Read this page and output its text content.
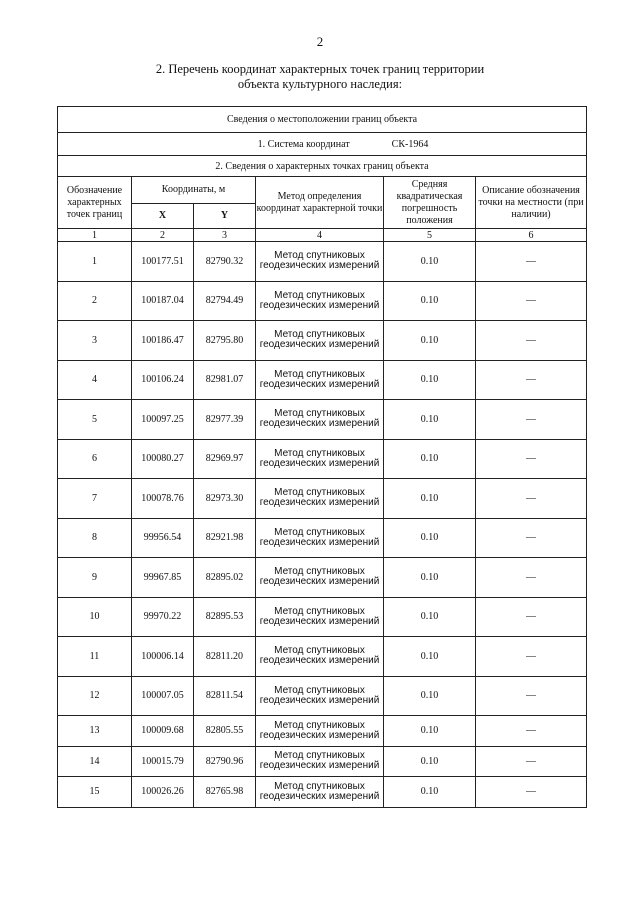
2
2. Перечень координат характерных точек границ территории
объекта культурного наследия:
Сведения о местоположении границ объекта					
1. Система координат СК-1964					
2. Сведения о характерных точках границ объекта					
Обозначение характерных точек границ	Координаты, м		Метод определения координат характерной точки	Средняя квадратическая погрешность положения	Описание обозначения точки на местности (при наличии)
	X	Y			
1	2	3	4	5	6
1	100177.51	82790.32	Метод спутниковых геодезических измерений	0.10	—
2	100187.04	82794.49	Метод спутниковых геодезических измерений	0.10	—
3	100186.47	82795.80	Метод спутниковых геодезических измерений	0.10	—
4	100106.24	82981.07	Метод спутниковых геодезических измерений	0.10	—
5	100097.25	82977.39	Метод спутниковых геодезических измерений	0.10	—
6	100080.27	82969.97	Метод спутниковых геодезических измерений	0.10	—
7	100078.76	82973.30	Метод спутниковых геодезических измерений	0.10	—
8	99956.54	82921.98	Метод спутниковых геодезических измерений	0.10	—
9	99967.85	82895.02	Метод спутниковых геодезических измерений	0.10	—
10	99970.22	82895.53	Метод спутниковых геодезических измерений	0.10	—
11	100006.14	82811.20	Метод спутниковых геодезических измерений	0.10	—
12	100007.05	82811.54	Метод спутниковых геодезических измерений	0.10	—
13	100009.68	82805.55	Метод спутниковых геодезических измерений	0.10	—
14	100015.79	82790.96	Метод спутниковых геодезических измерений	0.10	—
15	100026.26	82765.98	Метод спутниковых геодезических измерений	0.10	—
